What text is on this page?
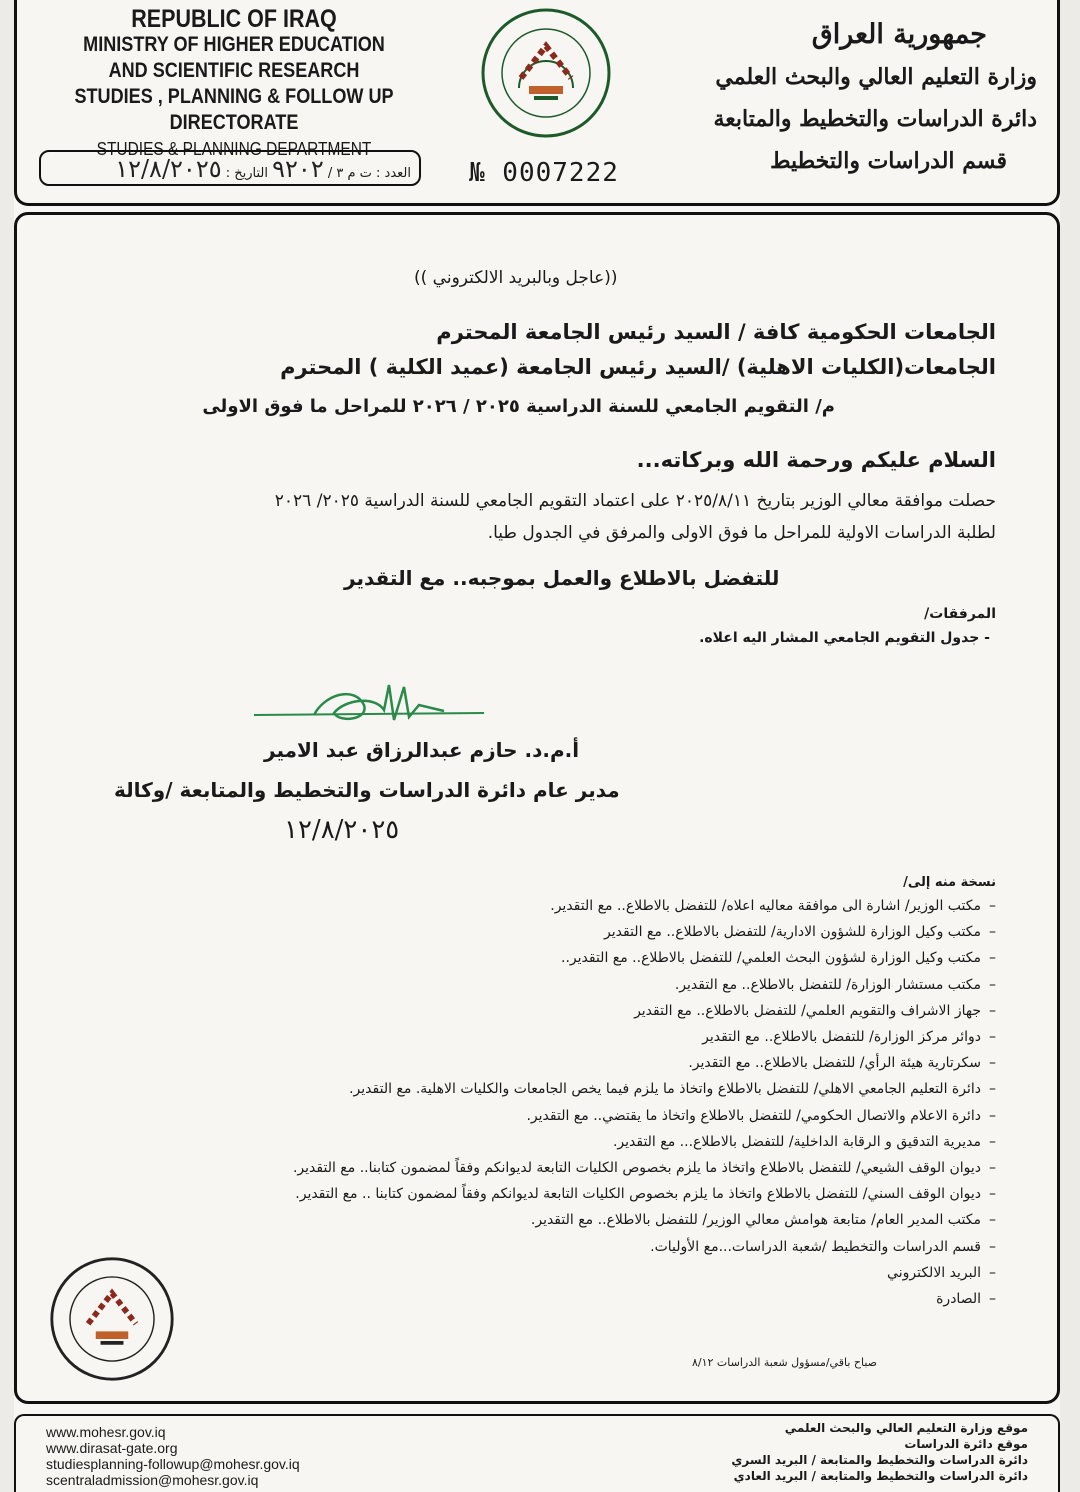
REPUBLIC OF IRAQ
MINISTRY OF HIGHER EDUCATION
AND SCIENTIFIC RESEARCH
STUDIES , PLANNING & FOLLOW UP DIRECTORATE
STUDIES & PLANNING DEPARTMENT
№ 0007222
العدد : ت م ٣ / ٩٢٠٢ التاريخ : ١٢/٨/٢٠٢٥
جمهورية العراق
وزارة التعليم العالي والبحث العلمي
دائرة الدراسات والتخطيط والمتابعة
قسم الدراسات والتخطيط
((عاجل وبالبريد الالكتروني ))
الجامعات الحكومية كافة / السيد رئيس الجامعة المحترم
الجامعات(الكليات الاهلية) /السيد رئيس الجامعة (عميد الكلية ) المحترم
م/ التقويم الجامعي للسنة الدراسية ٢٠٢٥ / ٢٠٢٦ للمراحل ما فوق الاولى
السلام عليكم ورحمة الله وبركاته...
حصلت موافقة معالي الوزير بتاريخ ٢٠٢٥/٨/١١ على اعتماد التقويم الجامعي للسنة الدراسية ٢٠٢٥/ ٢٠٢٦
لطلبة الدراسات الاولية للمراحل ما فوق الاولى والمرفق في الجدول طيا.
للتفضل بالاطلاع والعمل بموجبه.. مع التقدير
المرفقات/
- جدول التقويم الجامعي المشار اليه اعلاه.
أ.م.د. حازم عبدالرزاق عبد الامير
مدير عام دائرة الدراسات والتخطيط والمتابعة /وكالة
١٢/٨/٢٠٢٥
نسخة منه إلى/
صباح باقي/مسؤول شعبة الدراسات ٨/١٢
www.mohesr.gov.iq
www.dirasat-gate.org
studiesplanning-followup@mohesr.gov.iq
scentraladmission@mohesr.gov.iq
موقع وزارة التعليم العالي والبحث العلمي
موقع دائرة الدراسات
دائرة الدراسات والتخطيط والمتابعة / البريد السري
دائرة الدراسات والتخطيط والمتابعة / البريد العادي
–مكتب الوزير/ اشارة الى موافقة معاليه اعلاه/ للتفضل بالاطلاع.. مع التقدير.
–مكتب وكيل الوزارة للشؤون الادارية/ للتفضل بالاطلاع.. مع التقدير
–مكتب وكيل الوزارة لشؤون البحث العلمي/ للتفضل بالاطلاع.. مع التقدير..
–مكتب مستشار الوزارة/ للتفضل بالاطلاع.. مع التقدير.
–جهاز الاشراف والتقويم العلمي/ للتفضل بالاطلاع.. مع التقدير
–دوائر مركز الوزارة/ للتفضل بالاطلاع.. مع التقدير
–سكرتارية هيئة الرأي/ للتفضل بالاطلاع.. مع التقدير.
–دائرة التعليم الجامعي الاهلي/ للتفضل بالاطلاع واتخاذ ما يلزم فيما يخص الجامعات والكليات الاهلية. مع التقدير.
–دائرة الاعلام والاتصال الحكومي/ للتفضل بالاطلاع واتخاذ ما يقتضي.. مع التقدير.
–مديرية التدقيق و الرقابة الداخلية/ للتفضل بالاطلاع... مع التقدير.
–ديوان الوقف الشيعي/ للتفضل بالاطلاع واتخاذ ما يلزم بخصوص الكليات التابعة لديوانكم وفقاً لمضمون كتابنا.. مع التقدير.
–ديوان الوقف السني/ للتفضل بالاطلاع واتخاذ ما يلزم بخصوص الكليات التابعة لديوانكم وفقاً لمضمون كتابنا .. مع التقدير.
–مكتب المدير العام/ متابعة هوامش معالي الوزير/ للتفضل بالاطلاع.. مع التقدير.
–قسم الدراسات والتخطيط /شعبة الدراسات...مع الأوليات.
–البريد الالكتروني
–الصادرة
